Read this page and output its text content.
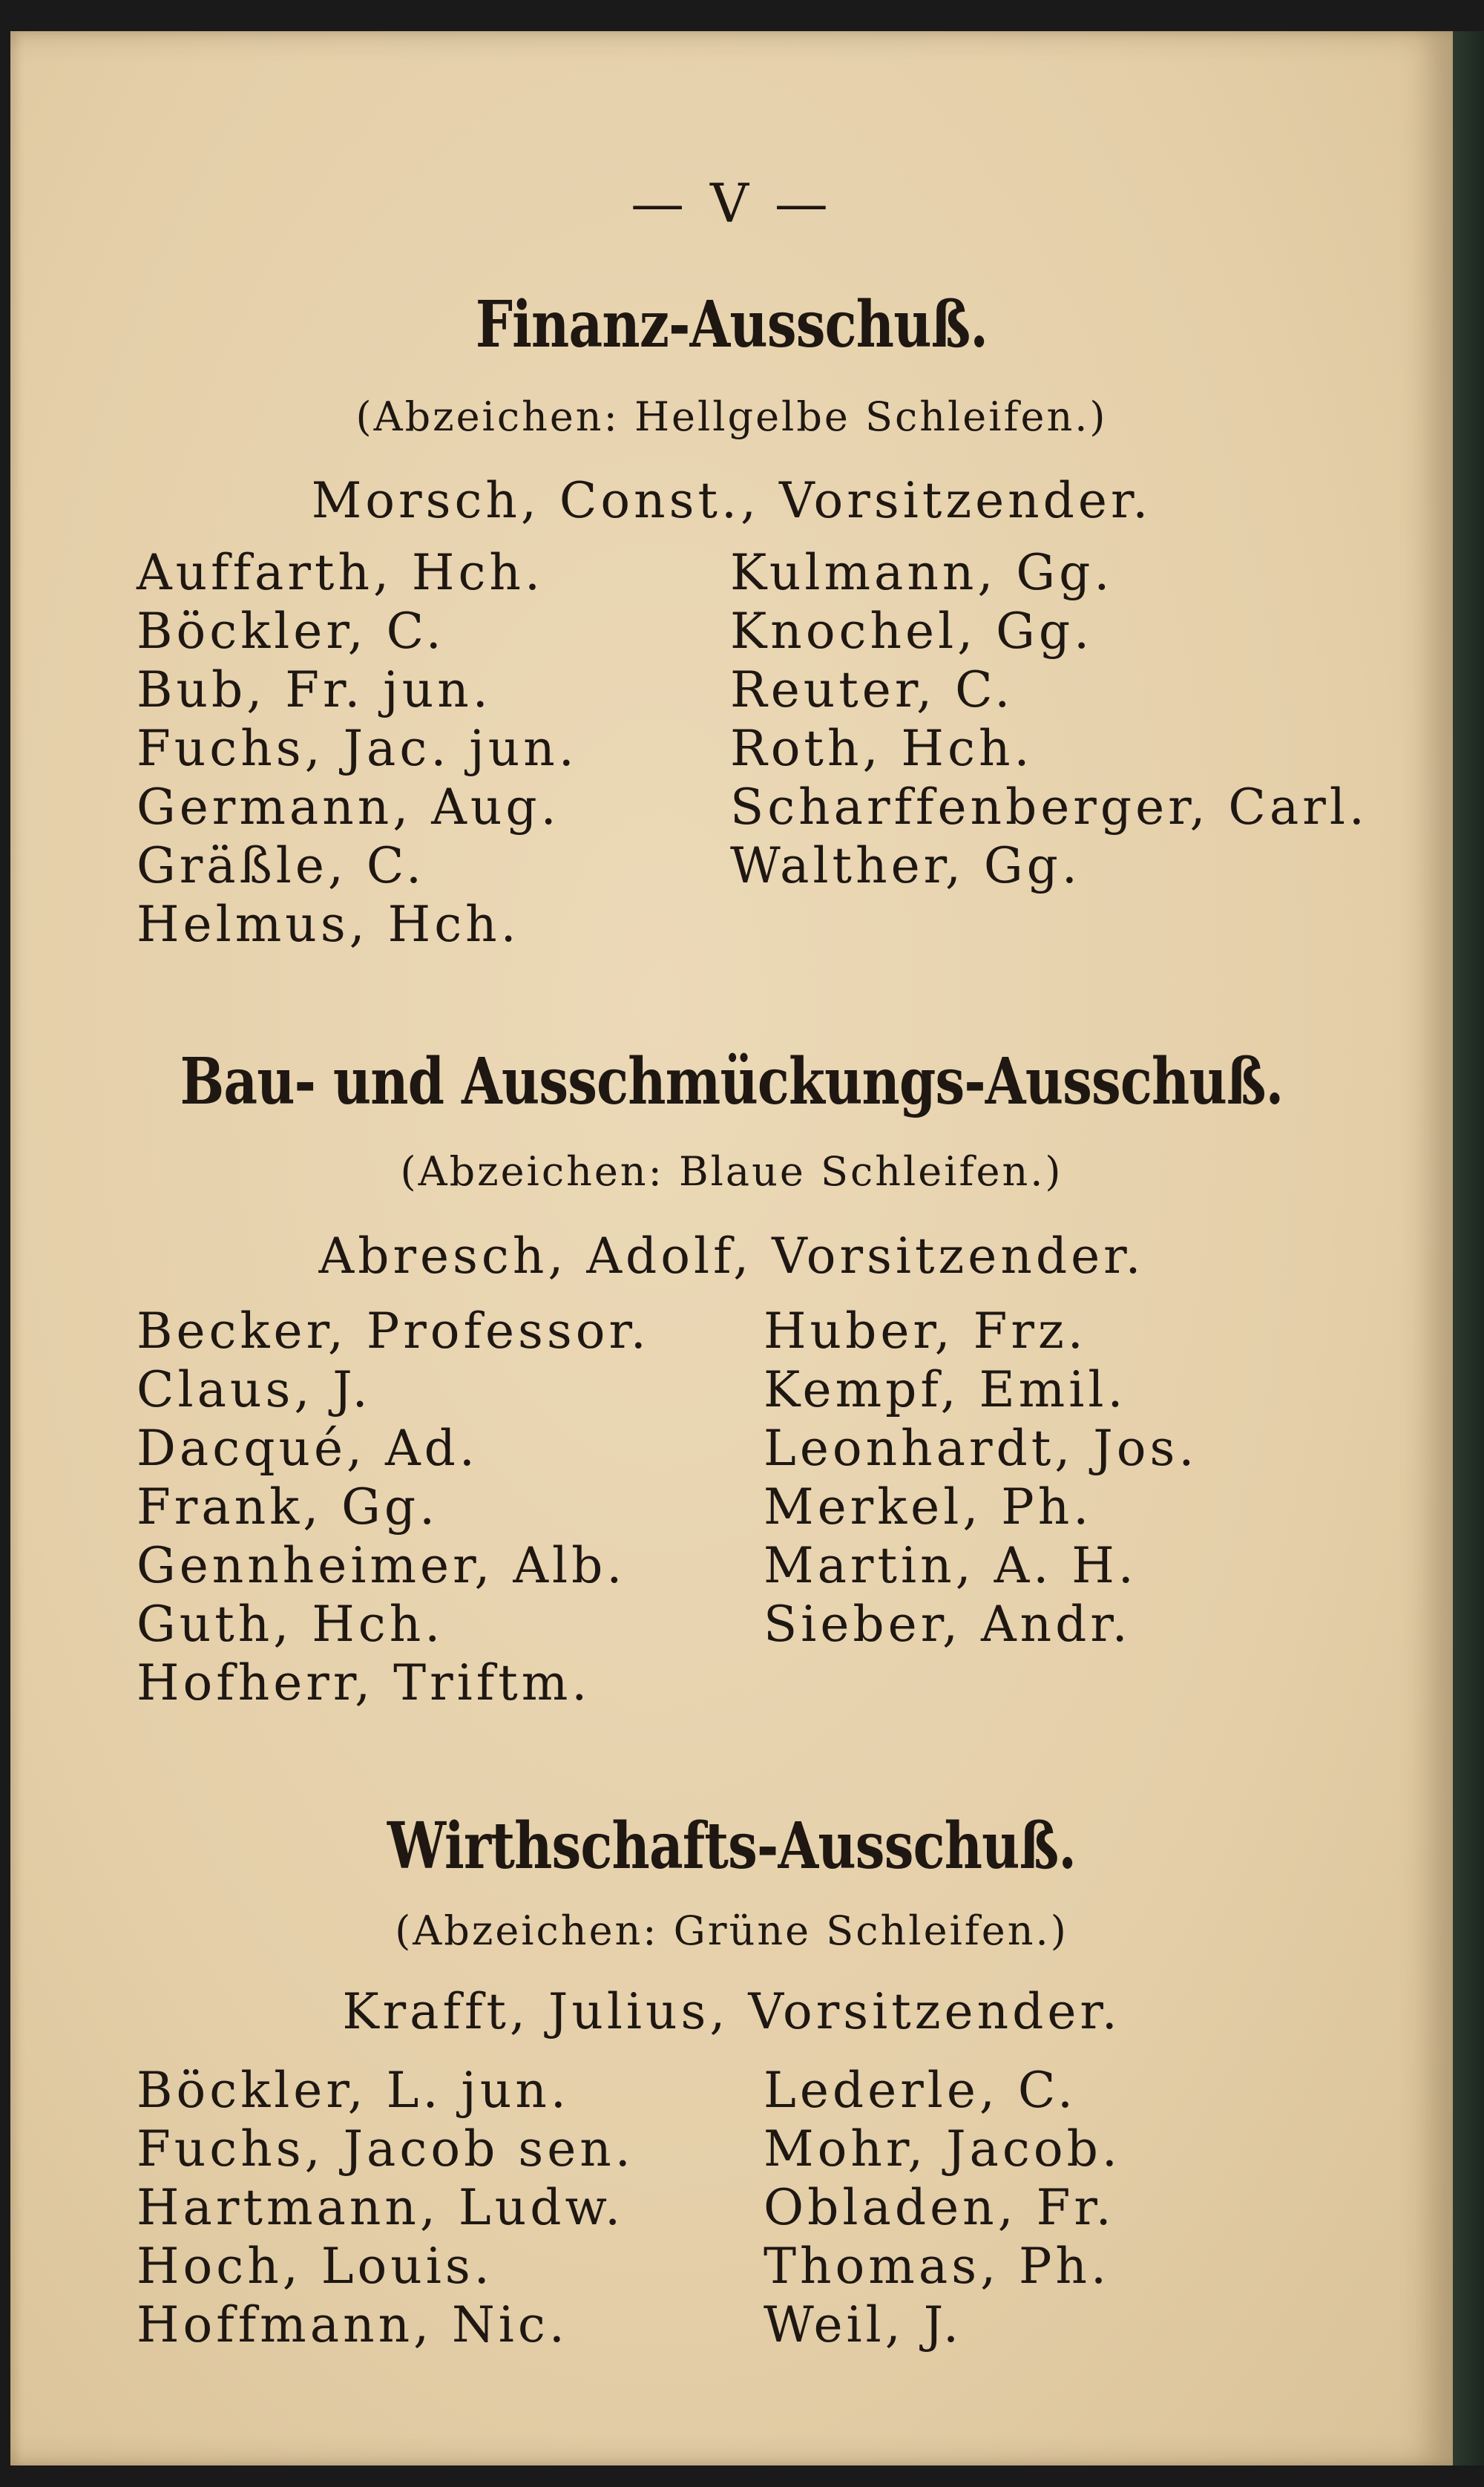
— V —
Finanz-Ausschuß.
(Abzeichen: Hellgelbe Schleifen.)
Morsch, Const., Vorsitzender.
Auffarth, Hch.
Böckler, C.
Bub, Fr. jun.
Fuchs, Jac. jun.
Germann, Aug.
Gräßle, C.
Helmus, Hch.
Kulmann, Gg.
Knochel, Gg.
Reuter, C.
Roth, Hch.
Scharffenberger, Carl.
Walther, Gg.
Bau- und Ausschmückungs-Ausschuß.
(Abzeichen: Blaue Schleifen.)
Abresch, Adolf, Vorsitzender.
Becker, Professor.
Claus, J.
Dacqué, Ad.
Frank, Gg.
Gennheimer, Alb.
Guth, Hch.
Hofherr, Triftm.
Huber, Frz.
Kempf, Emil.
Leonhardt, Jos.
Merkel, Ph.
Martin, A. H.
Sieber, Andr.
Wirthschafts-Ausschuß.
(Abzeichen: Grüne Schleifen.)
Krafft, Julius, Vorsitzender.
Böckler, L. jun.
Fuchs, Jacob sen.
Hartmann, Ludw.
Hoch, Louis.
Hoffmann, Nic.
Lederle, C.
Mohr, Jacob.
Obladen, Fr.
Thomas, Ph.
Weil, J.
